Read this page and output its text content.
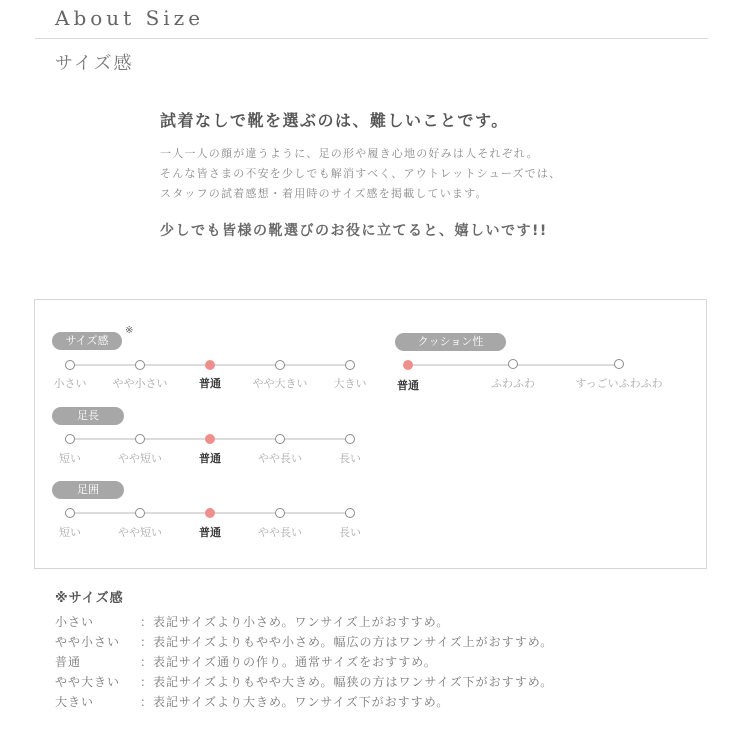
About Size
サイズ感
試着なしで靴を選ぶのは、難しいことです。
一人一人の顔が違うように、足の形や履き心地の好みは人それぞれ。
そんな皆さまの不安を少しでも解消すべく、アウトレットシューズでは、
スタッフの試着感想・着用時のサイズ感を掲載しています。
少しでも皆様の靴選びのお役に立てると、嬉しいです!!
サイズ感
※
小さい やや小さい	普通	やや大きい 大きい
足長
短い	やや短い	普通	やや長い	長い
足囲
短い	やや短い	普通	やや長い	長い
クッション性
普通	ふわふわ	すっごいふわふわ
※サイズ感
小さい	：表記サイズより小さめ。ワンサイズ上がおすすめ。
やや小さい ：表記サイズよりもやや小さめ。幅広の方はワンサイズ上がおすすめ。
普通	：表記サイズ通りの作り。通常サイズをおすすめ。
やや大きい ：表記サイズよりもやや大きめ。幅狭の方はワンサイズ下がおすすめ。
大きい	：表記サイズより大きめ。ワンサイズ下がおすすめ。
